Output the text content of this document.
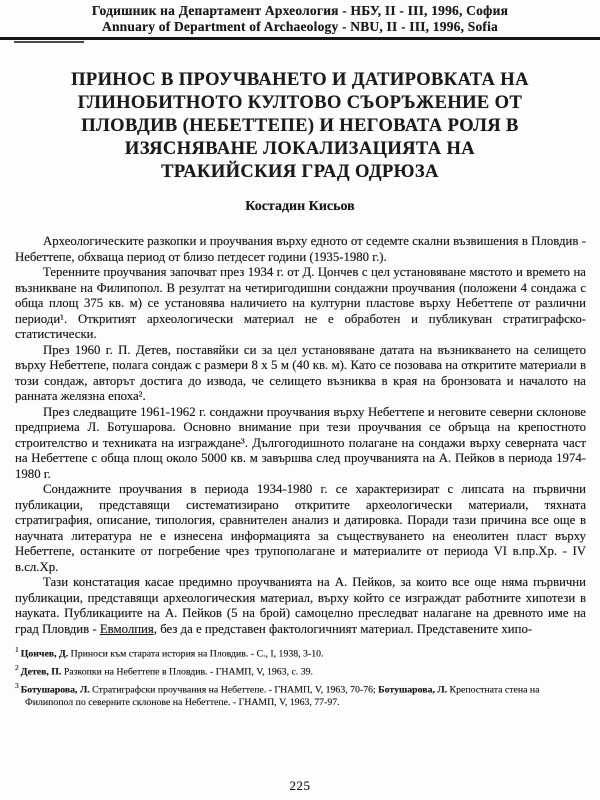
Годишник на Департамент Археология - НБУ, II - III, 1996, София
Annuary of Department of Archaeology - NBU, II - III, 1996, Sofia
ПРИНОС В ПРОУЧВАНЕТО И ДАТИРОВКАТА НА
ГЛИНОБИТНОТО КУЛТОВО СЪОРЪЖЕНИЕ ОТ
ПЛОВДИВ (НЕБЕТТЕПЕ) И НЕГОВАТА РОЛЯ В
ИЗЯСНЯВАНЕ ЛОКАЛИЗАЦИЯТА НА
ТРАКИЙСКИЯ ГРАД ОДРЮЗА
Костадин Кисьов

Археологическите разкопки и проучвания върху едното от седемте скални възвишения в Пловдив - Небеттепе, обхваща период от близо петдесет години (1935-1980 г.).

Теренните проучвания започват през 1934 г. от Д. Цончев с цел установяване мястото и времето на възникване на Филипопол. В резултат на четиригодишни сондажни проучвания (положени 4 сондажа с обща площ 375 кв. м) се установява наличието на културни пластове върху Небеттепе от различни периоди¹. Откритият археологически материал не е обработен и публикуван стратиграфско-статистически.

През 1960 г. П. Детев, поставяйки си за цел установяване датата на възникването на селището върху Небеттепе, полага сондаж с размери 8 х 5 м (40 кв. м). Като се позовава на откритите материали в този сондаж, авторът достига до извода, че селището възниква в края на бронзовата и началото на ранната желязна епоха².

През следващите 1961-1962 г. сондажни проучвания върху Небеттепе и неговите северни склонове предприема Л. Ботушарова. Основно внимание при тези проучвания се обръща на крепостното строителство и техниката на изграждане³. Дългогодишното полагане на сондажи върху северната част на Небеттепе с обща площ около 5000 кв. м завършва след проучванията на А. Пейков в периода 1974-1980 г.

Сондажните проучвания в периода 1934-1980 г. се характеризират с липсата на първични публикации, представящи систематизирано откритите археологически материали, тяхната стратиграфия, описание, типология, сравнителен анализ и датировка. Поради тази причина все още в научната литература не е изнесена информацията за съществуването на енеолитен пласт върху Небеттепе, останките от погребение чрез трупополагане и материалите от периода VI в.пр.Хр. - IV в.сл.Хр.

Тази констатация касае предимно проучванията на А. Пейков, за които все още няма първични публикации, представящи археологическия материал, върху който се изграждат работните хипотези в науката. Публикациите на А. Пейков (5 на брой) самоцелно преследват налагане на древното име на град Пловдив - Евмолпия, без да е представен фактологичният материал. Представените хипо-

$^1$ Цончев, Д. Приноси към старата история на Пловдив. - С., I, 1938, 3-10.
$^2$ Детев, П. Разкопки на Небеттепе в Пловдив. - ГНАМП, V, 1963, с. 39.
$^3$ Ботушарова, Л. Стратиграфски проучвания на Небеттепе. - ГНАМП, V, 1963, 70-76; Ботушарова, Л. Крепостната стена на Филипопол по северните склонове на Небеттепе. - ГНАМП, V, 1963, 77-97.
225
